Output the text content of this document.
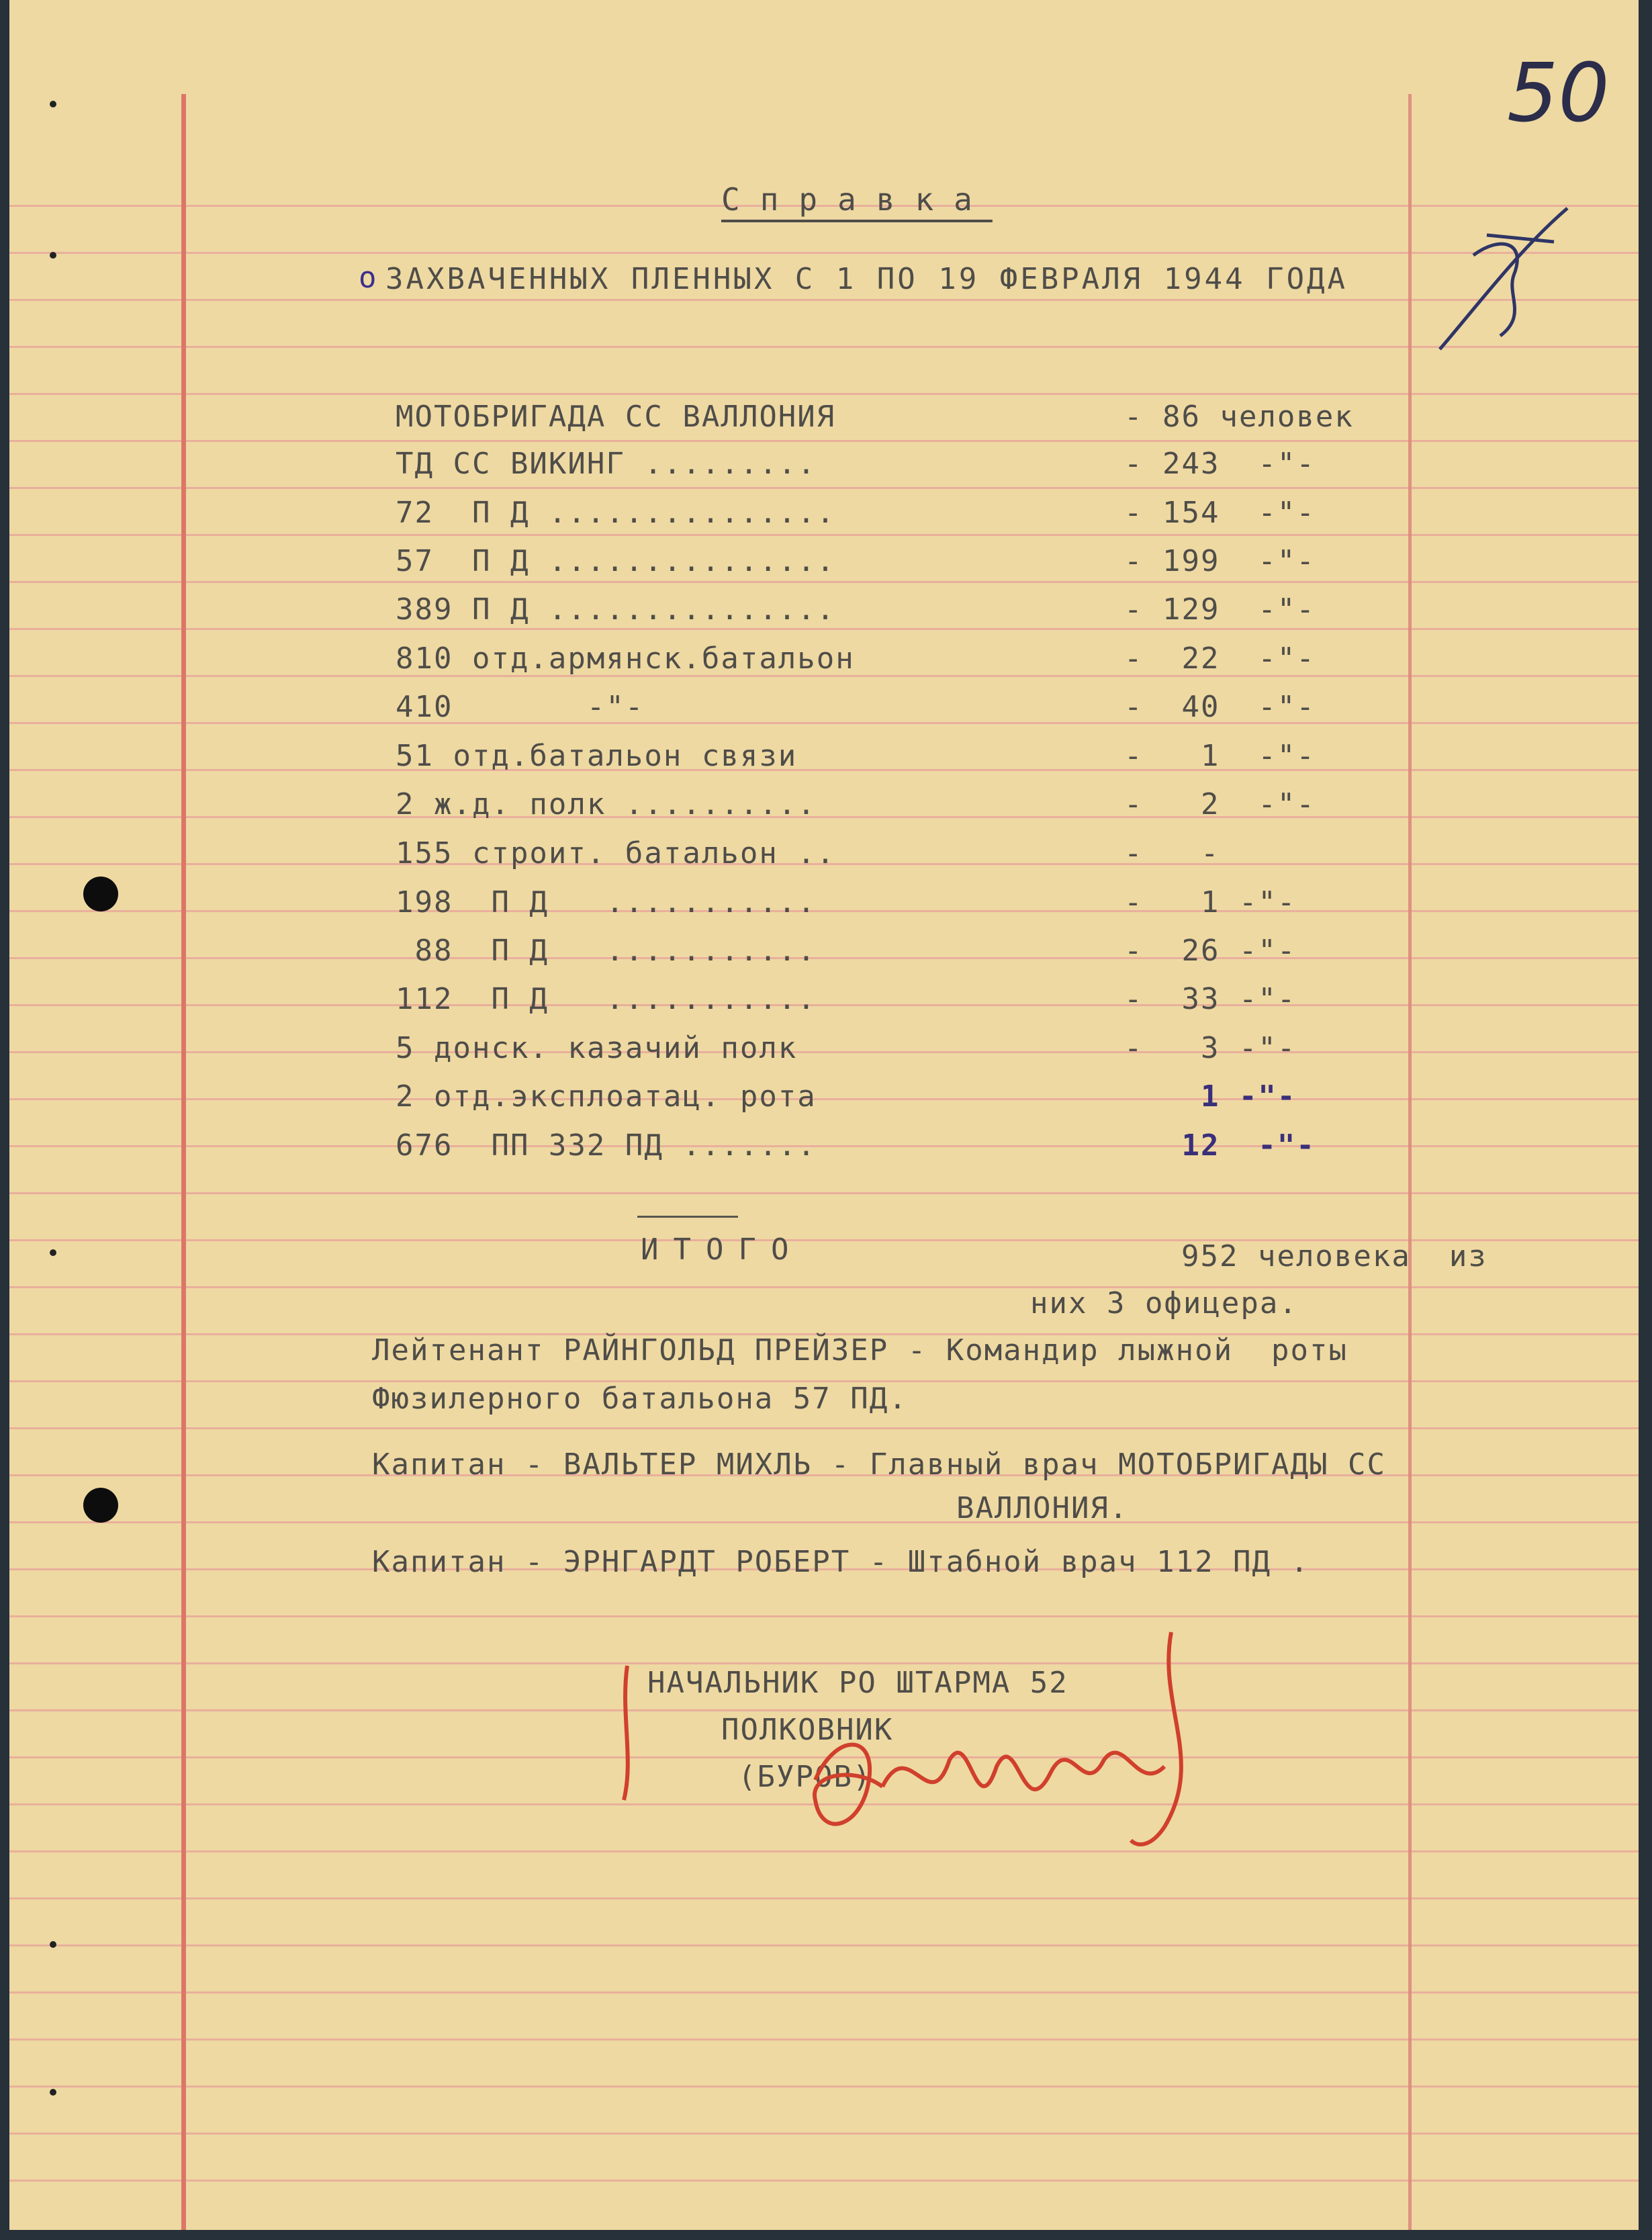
50
Справка
о ЗАХВАЧЕННЫХ ПЛЕННЫХ С 1 ПО 19 ФЕВРАЛЯ 1944 ГОДА
МОТОБРИГАДА СС ВАЛЛОНИЯ	- 86 человек
ТД СС ВИКИНГ .........	- 243  -"-
72  П Д ...............	- 154  -"-
57  П Д ...............	- 199  -"-
389 П Д ...............	- 129  -"-
810 отд.армянск.батальон	-  22  -"-
410       -"-	-  40  -"-
51 отд.батальон связи	-   1  -"-
2 ж.д. полк ..........	-   2  -"-
155 строит. батальон ..	-   -
198  П Д   ...........	-   1 -"-
88  П Д   ...........	-  26 -"-
112  П Д   ...........	-  33 -"-
5 донск. казачий полк	-   3 -"-
2 отд.эксплоатац. рота	1 -"-
676  ПП 332 ПД .......	12  -"-
ИТОГО	952 человека  из
них 3 офицера.
Лейтенант РАЙНГОЛЬД ПРЕЙЗЕР - Командир лыжной  роты
Фюзилерного батальона 57 ПД.
Капитан - ВАЛЬТЕР МИХЛЬ - Главный врач МОТОБРИГАДЫ СС
ВАЛЛОНИЯ.
Капитан - ЭРНГАРДТ РОБЕРТ - Штабной врач 112 ПД .
НАЧАЛЬНИК РО ШТАРМА 52
ПОЛКОВНИК
(БУРОВ)
